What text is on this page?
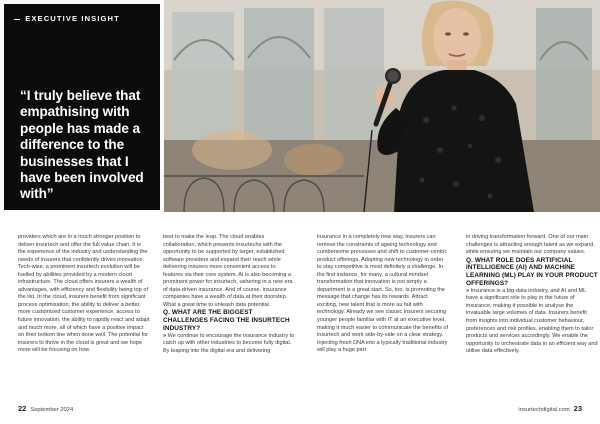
EXECUTIVE INSIGHT
“I truly believe that empathising with people has made a difference to the businesses that I have been involved with”

providers which are in a much stronger position to deliver insurtech and offer the full value chain. It is the experience of the industry and understanding the needs of insurers that confidently drives innovation. Tech-wise, a prominent insurtech evolution will be fuelled by abilities provided by a modern cloud infrastructure. The cloud offers insurers a wealth of advantages, with efficiency and flexibility being top of the list. In the cloud, insurers benefit from significant process optimisation, the ability to deliver a better, more customised customer experience, access to future innovation, the ability to rapidly react and adapt and much more, all of which have a positive impact on their bottom line when done well. The potential for insurers to thrive in the cloud is great and we hope more will be focusing on how

best to make the leap. The cloud enables collaboration, which presents insurtechs with the opportunity to be supported by larger, established software providers and expand their reach while delivering insurers more convenient access to features via their core system. AI is also becoming a prominent power for insurtech, ushering in a new era of data-driven insurance. And of course, insurance companies have a wealth of data at their doorstep. What a great time to unleash data potential.

Q. WHAT ARE THE BIGGEST CHALLENGES FACING THE INSURTECH INDUSTRY?

» We continue to encourage the insurance industry to catch up with other industries to become fully digital. By leaping into the digital era and delivering

insurance in a completely new way, insurers can remove the constraints of ageing technology and cumbersome processes and shift to customer-centric product offerings. Adopting new technology in order to stay competitive is most definitely a challenge. In the first instance, for many, a cultural mindset transformation that innovation is not simply a department is a great start. So, too, is promoting the message that change has its rewards. Attract exciting, new talent that is more au fait with technology. Already we see classic insurers securing younger people familiar with IT at an executive level, making it much easier to communicate the benefits of insurtech and work side-by-side on a clear strategy. Injecting fresh DNA into a typically traditional industry will play a huge part

in driving transformation forward. One of our main challenges is attracting enough talent as we expand, while ensuring we maintain our company values.

Q. WHAT ROLE DOES ARTIFICIAL INTELLIGENCE (AI) AND MACHINE LEARNING (ML) PLAY IN YOUR PRODUCT OFFERINGS?

» Insurance is a big-data industry, and AI and ML have a significant role to play in the future of insurance, making it possible to analyse the invaluable large volumes of data. Insurers benefit from insights into individual customer behaviour, preferences and risk profiles, enabling them to tailor products and services accordingly. We enable the opportunity to orchestrate data in an efficient way and utilise data effectively.

22 September 2024	insurtechdigital.com 23
